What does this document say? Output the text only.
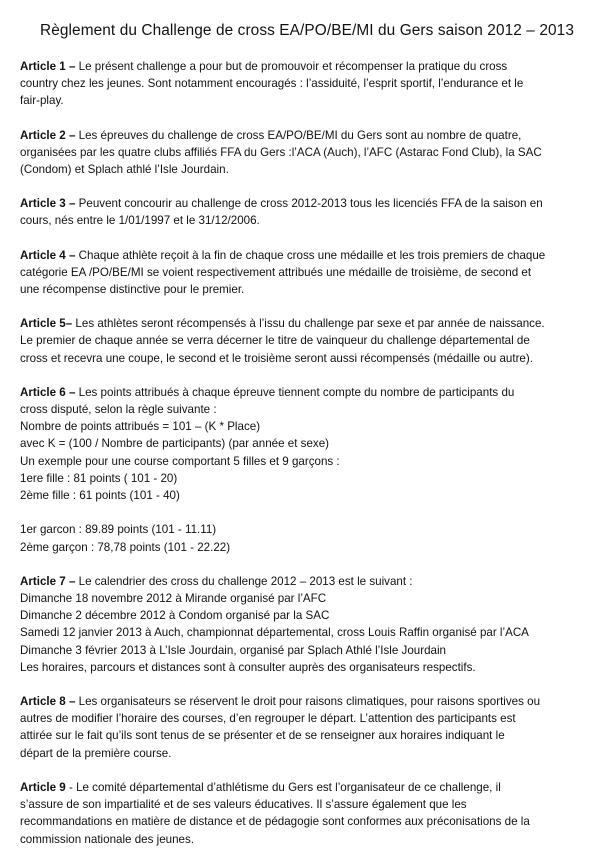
Règlement du Challenge de cross EA/PO/BE/MI du Gers saison 2012 – 2013
Article 1 – Le présent challenge a pour but de promouvoir et récompenser la pratique du cross
country chez les jeunes. Sont notamment encouragés : l’assiduité, l’esprit sportif, l’endurance et le
fair-play.
Article 2 – Les épreuves du challenge de cross EA/PO/BE/MI du Gers sont au nombre de quatre,
organisées par les quatre clubs affiliés FFA du Gers :l’ACA (Auch), l’AFC (Astarac Fond Club), la SAC
(Condom) et Splach athlé l’Isle Jourdain.
Article 3 – Peuvent concourir au challenge de cross 2012-2013 tous les licenciés FFA de la saison en
cours, nés entre le 1/01/1997 et le 31/12/2006.
Article 4 – Chaque athlète reçoit à la fin de chaque cross une médaille et les trois premiers de chaque
catégorie EA /PO/BE/MI se voient respectivement attribués une médaille de troisième, de second et
une récompense distinctive pour le premier.
Article 5– Les athlètes seront récompensés à l’issu du challenge par sexe et par année de naissance.
Le premier de chaque année se verra décerner le titre de vainqueur du challenge départemental de
cross et recevra une coupe, le second et le troisième seront aussi récompensés (médaille ou autre).
Article 6 – Les points attribués à chaque épreuve tiennent compte du nombre de participants du
cross disputé, selon la règle suivante :
Nombre de points attribués = 101 – (K * Place)
avec K = (100 / Nombre de participants) (par année et sexe)
Un exemple pour une course comportant 5 filles et 9 garçons :
1ere fille : 81 points ( 101 - 20)
2ème fille : 61 points (101 - 40)
1er garcon : 89.89 points (101 - 11.11)
2ème garçon : 78,78 points (101 - 22.22)
Article 7 – Le calendrier des cross du challenge 2012 – 2013 est le suivant :
Dimanche 18 novembre 2012 à Mirande organisé par l’AFC
Dimanche 2 décembre 2012 à Condom organisé par la SAC
Samedi 12 janvier 2013 à Auch, championnat départemental, cross Louis Raffin organisé par l’ACA
Dimanche 3 février 2013 à L’Isle Jourdain, organisé par Splach Athlé l’Isle Jourdain
Les horaires, parcours et distances sont à consulter auprès des organisateurs respectifs.
Article 8 – Les organisateurs se réservent le droit pour raisons climatiques, pour raisons sportives ou
autres de modifier l’horaire des courses, d’en regrouper le départ. L’attention des participants est
attirée sur le fait qu’ils sont tenus de se présenter et de se renseigner aux horaires indiquant le
départ de la première course.
Article 9 - Le comité départemental d’athlétisme du Gers est l’organisateur de ce challenge, il
s’assure de son impartialité et de ses valeurs éducatives. Il s’assure également que les
recommandations en matière de distance et de pédagogie sont conformes aux préconisations de la
commission nationale des jeunes.
